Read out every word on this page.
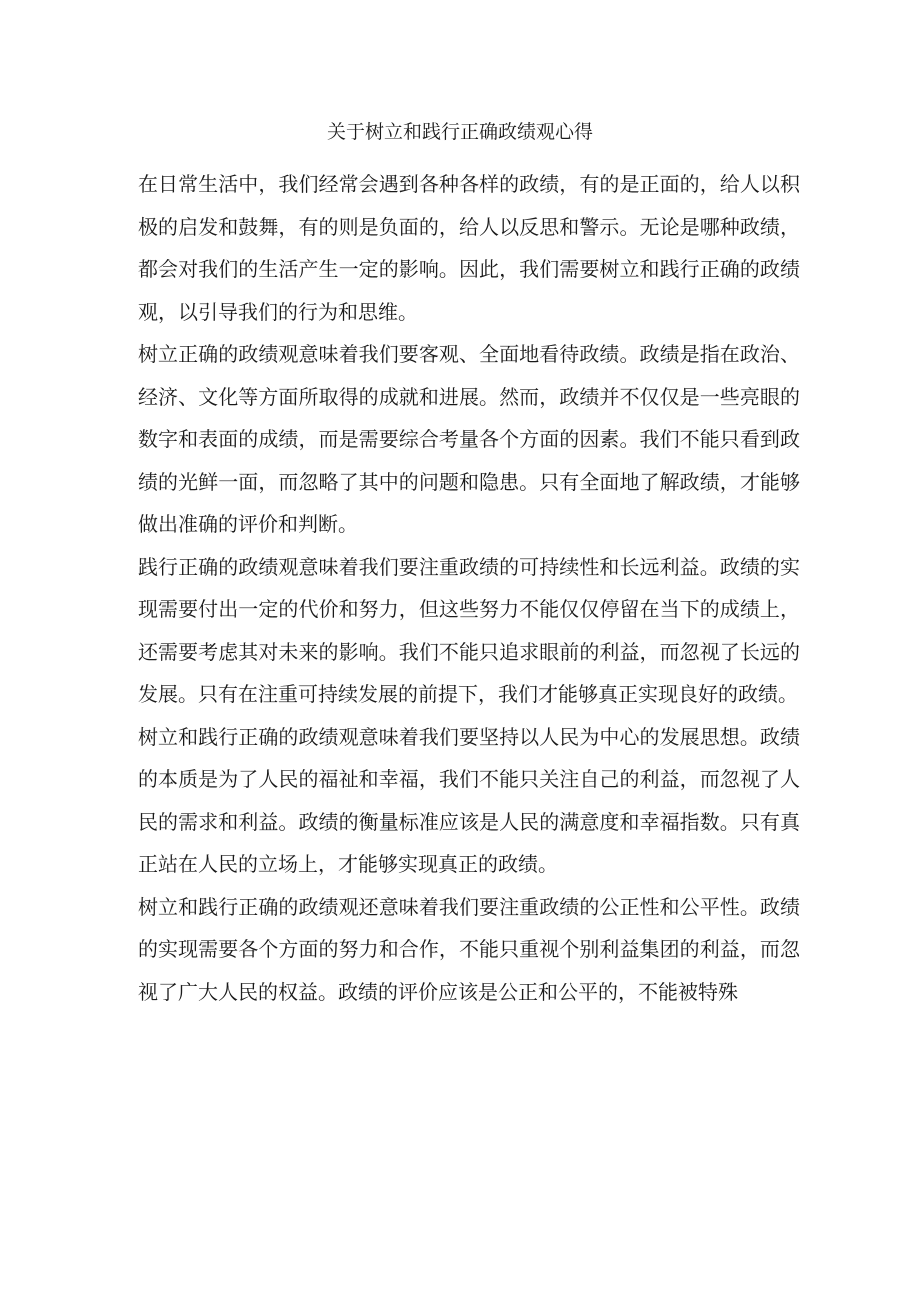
关于树立和践行正确政绩观心得

在日常生活中，我们经常会遇到各种各样的政绩，有的是正面的，给人以积极的启发和鼓舞，有的则是负面的，给人以反思和警示。无论是哪种政绩，都会对我们的生活产生一定的影响。因此，我们需要树立和践行正确的政绩观，以引导我们的行为和思维。

树立正确的政绩观意味着我们要客观、全面地看待政绩。政绩是指在政治、经济、文化等方面所取得的成就和进展。然而，政绩并不仅仅是一些亮眼的数字和表面的成绩，而是需要综合考量各个方面的因素。我们不能只看到政绩的光鲜一面，而忽略了其中的问题和隐患。只有全面地了解政绩，才能够做出准确的评价和判断。

践行正确的政绩观意味着我们要注重政绩的可持续性和长远利益。政绩的实现需要付出一定的代价和努力，但这些努力不能仅仅停留在当下的成绩上，还需要考虑其对未来的影响。我们不能只追求眼前的利益，而忽视了长远的发展。只有在注重可持续发展的前提下，我们才能够真正实现良好的政绩。

树立和践行正确的政绩观意味着我们要坚持以人民为中心的发展思想。政绩的本质是为了人民的福祉和幸福，我们不能只关注自己的利益，而忽视了人民的需求和利益。政绩的衡量标准应该是人民的满意度和幸福指数。只有真正站在人民的立场上，才能够实现真正的政绩。

树立和践行正确的政绩观还意味着我们要注重政绩的公正性和公平性。政绩的实现需要各个方面的努力和合作，不能只重视个别利益集团的利益，而忽视了广大人民的权益。政绩的评价应该是公正和公平的，不能被特殊
